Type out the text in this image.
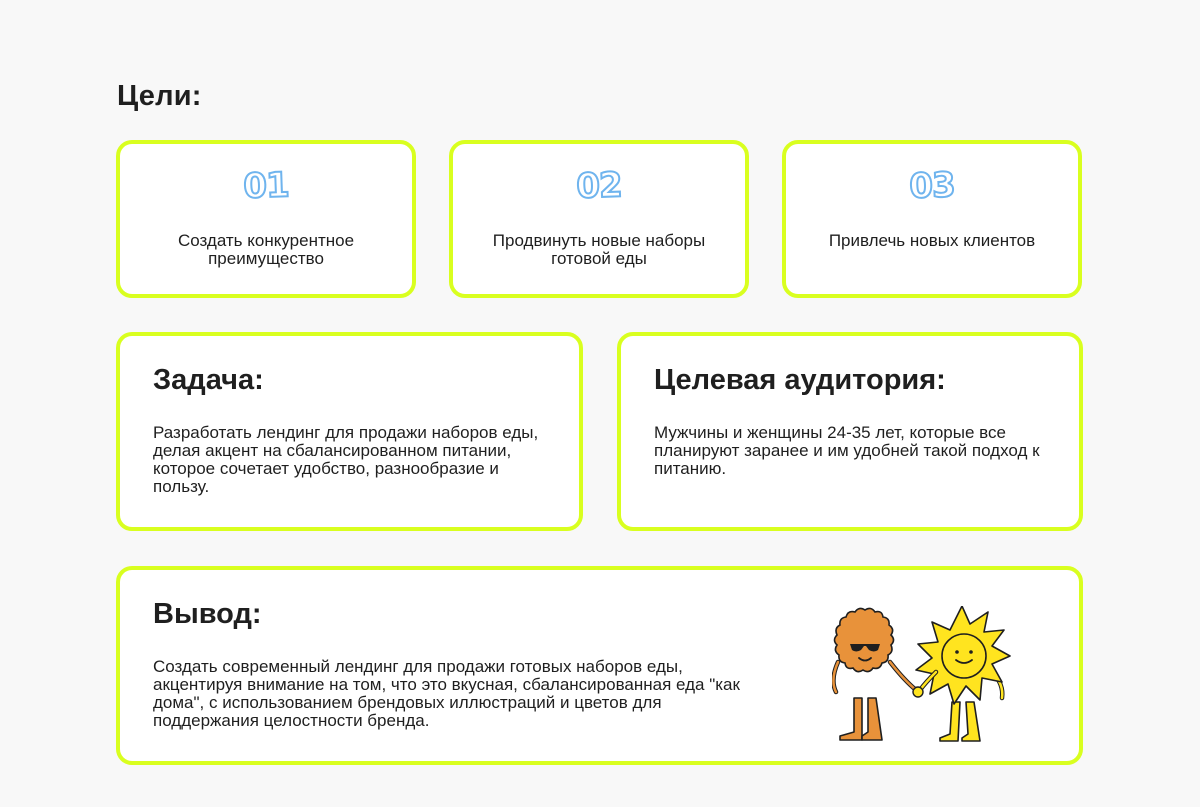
Цели:
01
Создать конкурентное преимущество
02
Продвинуть новые наборы готовой еды
03
Привлечь новых клиентов
Задача:
Разработать лендинг для продажи наборов еды, делая акцент на сбалансированном питании, которое сочетает удобство, разнообразие и пользу.
Целевая аудитория:
Мужчины и женщины 24-35 лет, которые все планируют заранее и им удобней такой подход к питанию.
Вывод:
Создать современный лендинг для продажи готовых наборов еды, акцентируя внимание на том, что это вкусная, сбалансированная еда "как дома", с использованием брендовых иллюстраций и цветов для поддержания целостности бренда.
